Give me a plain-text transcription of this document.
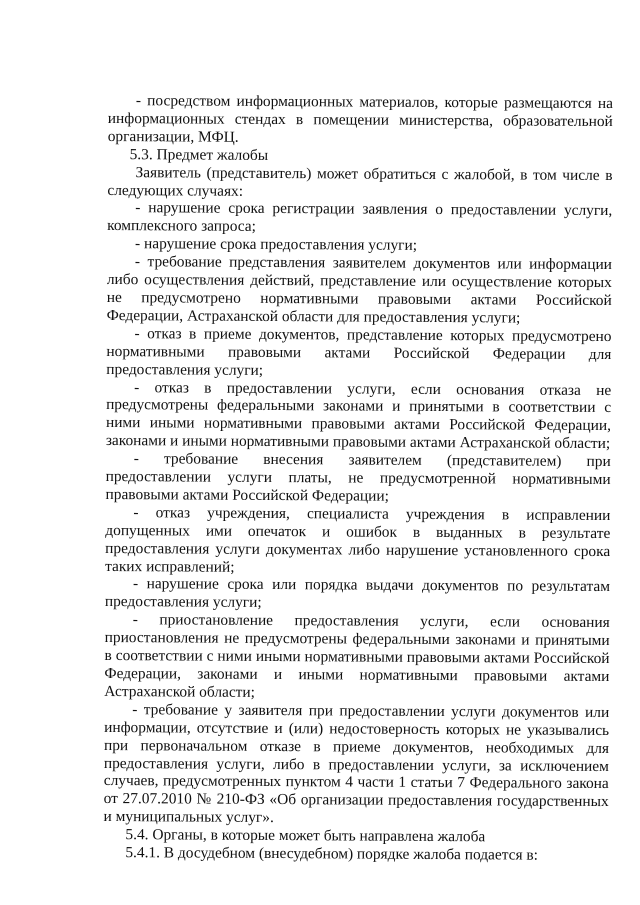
- посредством информационных материалов, которые размещаются на информационных стендах в помещении министерства, образовательной организации, МФЦ.

5.3. Предмет жалобы

Заявитель (представитель) может обратиться с жалобой, в том числе в следующих случаях:

- нарушение срока регистрации заявления о предоставлении услуги, комплексного запроса;

- нарушение срока предоставления услуги;

- требование представления заявителем документов или информации либо осуществления действий, представление или осуществление которых не предусмотрено нормативными правовыми актами Российской Федерации, Астраханской области для предоставления услуги;

- отказ в приеме документов, представление которых предусмотрено нормативными правовыми актами Российской Федерации для предоставления услуги;

- отказ в предоставлении услуги, если основания отказа не предусмотрены федеральными законами и принятыми в соответствии с ними иными нормативными правовыми актами Российской Федерации, законами и иными нормативными правовыми актами Астраханской области;

- требование внесения заявителем (представителем) при предоставлении услуги платы, не предусмотренной нормативными правовыми актами Российской Федерации;

- отказ учреждения, специалиста учреждения в исправлении допущенных ими опечаток и ошибок в выданных в результате предоставления услуги документах либо нарушение установленного срока таких исправлений;

- нарушение срока или порядка выдачи документов по результатам предоставления услуги;

- приостановление предоставления услуги, если основания приостановления не предусмотрены федеральными законами и принятыми в соответствии с ними иными нормативными правовыми актами Российской Федерации, законами и иными нормативными правовыми актами Астраханской области;

- требование у заявителя при предоставлении услуги документов или информации, отсутствие и (или) недостоверность которых не указывались при первоначальном отказе в приеме документов, необходимых для предоставления услуги, либо в предоставлении услуги, за исключением случаев, предусмотренных пунктом 4 части 1 статьи 7 Федерального закона от 27.07.2010 № 210-ФЗ «Об организации предоставления государственных и муниципальных услуг».

5.4. Органы, в которые может быть направлена жалоба

5.4.1. В досудебном (внесудебном) порядке жалоба подается в:
